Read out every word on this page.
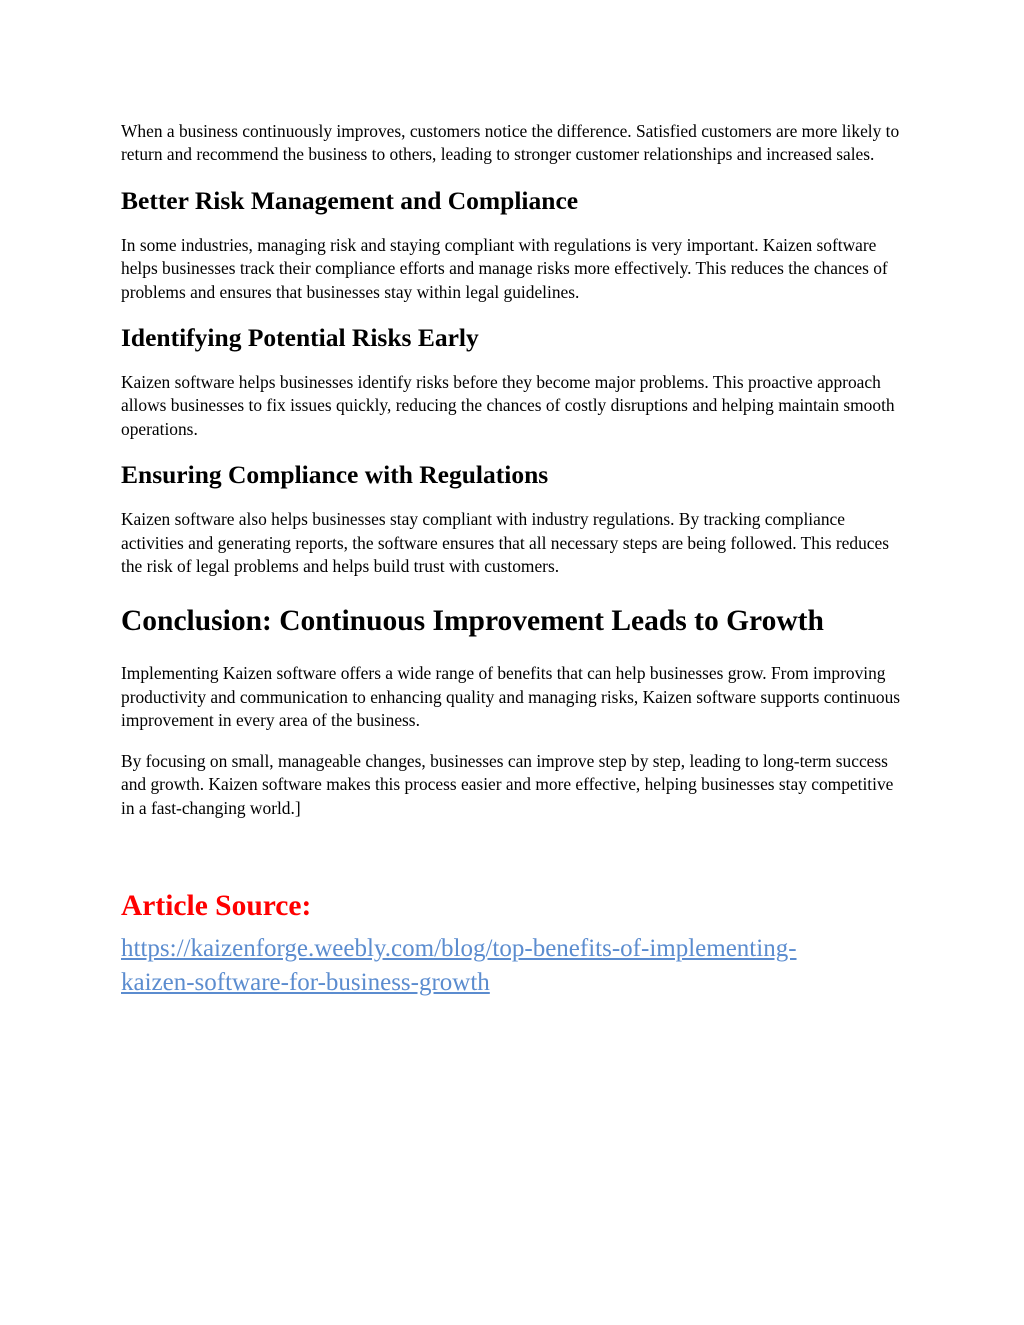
When a business continuously improves, customers notice the difference. Satisfied customers are more likely to return and recommend the business to others, leading to stronger customer relationships and increased sales.

Better Risk Management and Compliance

In some industries, managing risk and staying compliant with regulations is very important. Kaizen software helps businesses track their compliance efforts and manage risks more effectively. This reduces the chances of problems and ensures that businesses stay within legal guidelines.

Identifying Potential Risks Early

Kaizen software helps businesses identify risks before they become major problems. This proactive approach allows businesses to fix issues quickly, reducing the chances of costly disruptions and helping maintain smooth operations.

Ensuring Compliance with Regulations

Kaizen software also helps businesses stay compliant with industry regulations. By tracking compliance activities and generating reports, the software ensures that all necessary steps are being followed. This reduces the risk of legal problems and helps build trust with customers.

Conclusion: Continuous Improvement Leads to Growth

Implementing Kaizen software offers a wide range of benefits that can help businesses grow. From improving productivity and communication to enhancing quality and managing risks, Kaizen software supports continuous improvement in every area of the business.

By focusing on small, manageable changes, businesses can improve step by step, leading to long-term success and growth. Kaizen software makes this process easier and more effective, helping businesses stay competitive in a fast-changing world.]

Article Source:
https://kaizenforge.weebly.com/blog/top-benefits-of-implementing-
kaizen-software-for-business-growth
